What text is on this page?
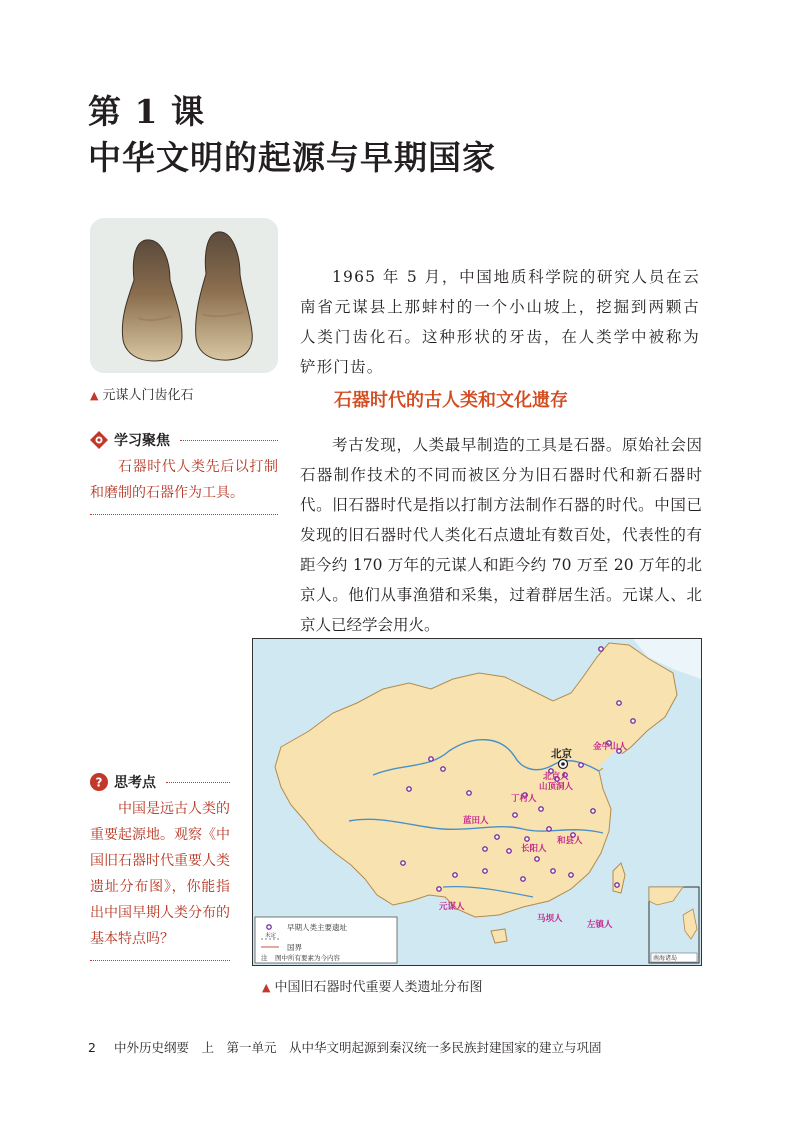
第 1 课
中华文明的起源与早期国家
▲ 元谋人门齿化石
1965 年 5 月，中国地质科学院的研究人员在云南省元谋县上那蚌村的一个小山坡上，挖掘到两颗古人类门齿化石。这种形状的牙齿，在人类学中被称为铲形门齿。
石器时代的古人类和文化遗存
考古发现，人类最早制造的工具是石器。原始社会因石器制作技术的不同而被区分为旧石器时代和新石器时代。旧石器时代是指以打制方法制作石器的时代。中国已发现的旧石器时代人类化石点遗址有数百处，代表性的有距今约 170 万年的元谋人和距今约 70 万至 20 万年的北京人。他们从事渔猎和采集，过着群居生活。元谋人、北京人已经学会用火。
学习聚焦
石器时代人类先后以打制和磨制的石器作为工具。
? 思考点
中国是远古人类的重要起源地。观察《中国旧石器时代重要人类遗址分布图》，你能指出中国早期人类分布的基本特点吗？
北京
金牛山人
北京人
山顶洞人
丁村人
蓝田人
和县人
长阳人
元谋人
马坝人
左镇人
早期人类主要遗址
未定
国界
注 图中所有要素为今内容	南海诸岛
▲ 中国旧石器时代重要人类遗址分布图
2 中外历史纲要　上　 第一单元　从中华文明起源到秦汉统一多民族封建国家的建立与巩固
